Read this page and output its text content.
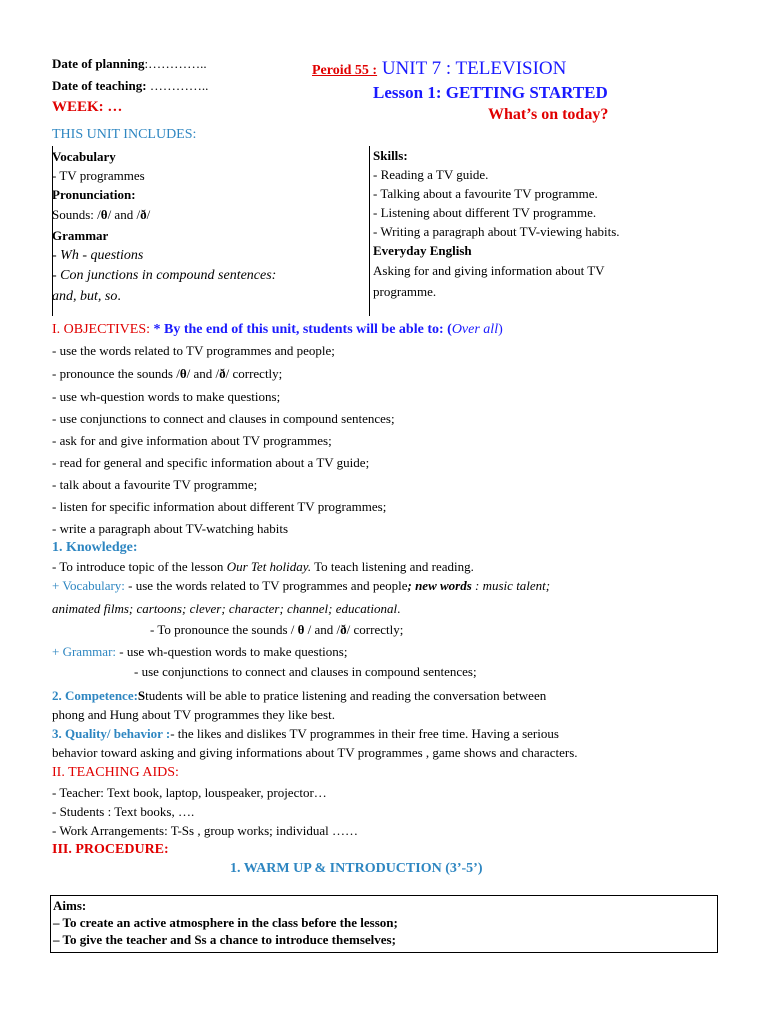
Date of planning:…………..
Date of teaching: …………..
WEEK: …
Peroid 55 : UNIT 7 : TELEVISION
Lesson 1: GETTING STARTED
What’s on today?
THIS UNIT INCLUDES:
Vocabulary
- TV programmes
Pronunciation:
Sounds: /θ/ and /ð/
Grammar
- Wh - questions
- Con junctions in compound sentences:
and, but, so.
Skills:
- Reading a TV guide.
- Talking about a favourite TV programme.
- Listening about different TV programme.
- Writing a paragraph about TV-viewing habits.
Everyday English
Asking for and giving information about TV
programme.
I. OBJECTIVES: * By the end of this unit, students will be able to: (Over all)
- use the words related to TV programmes and people;
- pronounce the sounds /θ/ and /ð/ correctly;
- use wh-question words to make questions;
- use conjunctions to connect and clauses in compound sentences;
- ask for and give information about TV programmes;
- read for general and specific information about a TV guide;
- talk about a favourite TV programme;
- listen for specific information about different TV programmes;
- write a paragraph about TV-watching habits
1. Knowledge:
- To introduce topic of the lesson Our Tet holiday. To teach listening and reading.
+ Vocabulary: - use the words related to TV programmes and people; new words : music talent;
animated films; cartoons; clever; character; channel; educational.
- To pronounce the sounds / θ / and /ð/ correctly;
+ Grammar: - use wh-question words to make questions;
- use conjunctions to connect and clauses in compound sentences;
2. Competence:Students will be able to pratice listening and reading the conversation between
phong and Hung about TV programmes they like best.
3. Quality/ behavior :- the likes and dislikes TV programmes in their free time. Having a serious
behavior toward asking and giving informations about TV programmes , game shows and characters.
II. TEACHING AIDS:
- Teacher: Text book, laptop, louspeaker, projector…
- Students : Text books, ….
- Work Arrangements: T-Ss , group works; individual ……
III. PROCEDURE:
1. WARM UP & INTRODUCTION (3’-5’)
Aims:
– To create an active atmosphere in the class before the lesson;
– To give the teacher and Ss a chance to introduce themselves;
